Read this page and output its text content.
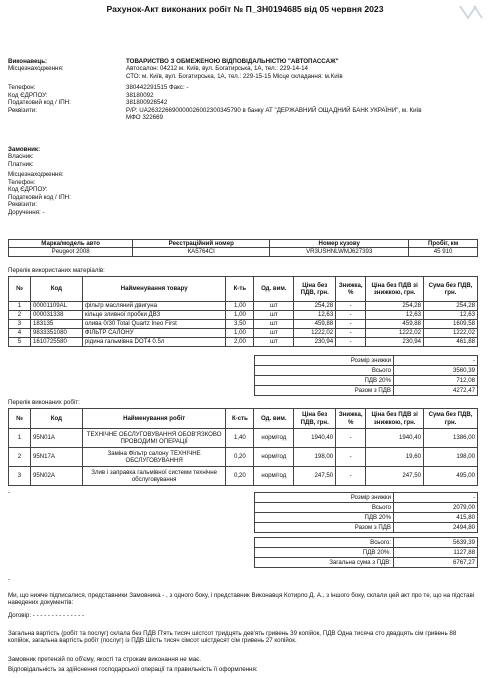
Рахунок-Акт виконаних робіт № П_ЗН0194685 від 05 червня 2023
Виконавець:	ТОВАРИСТВО З ОБМЕЖЕНОЮ ВІДПОВІДАЛЬНІСТЮ "АВТОПАССАЖ"
Місцезнаходження:	Автосалон: 04212 м. Київ, вул. Богатирська, 1А, тел.: 229-14-14
СТО: м. Київ, вул. Богатирська, 1А, тел.: 229-15-15 Місце складання: м.Київ
Телефон:	380442291515 Факс: -
Код ЄДРПОУ:	38180092
Податковий код / ІПН:	381800926542
Реквізити:	Р/Р: UA263226690000026002300345790 в банку АТ "ДЕРЖАВНИЙ ОЩАДНИЙ БАНК УКРАЇНИ", м. Київ
МФО 322669
Замовник:
Власник:
Платник:
Місцезнаходження:
Телефон:
Код ЄДРПОУ:
Податковий код / ІПН:
Реквізити:
Доручення: -
Марка/модель авто	Реєстраційний номер	Номер кузову	Пробіг, км
Peugeot 2008	КА5764СІ	VR3USHNLWMJ627393	45 910
Перелік використаних матеріалів:
№	Код	Найменування товару	К-ть	Од. вим.	Ціна без ПДВ, грн.	Знижка, %	Ціна без ПДВ зі знижкою, грн.	Сума без ПДВ, грн.
1	00001109AL	фільтр масляний двигуна	1,00	шт	254,28	-	254,28	254,28
2	000031338	кільце зливної пробки ДВЗ	1,00	шт	12,63	-	12,63	12,63
3	183135	олива 0/30 Total Quartz Ineo First	3,50	шт	459,88	-	459,88	1609,58
4	9833351080	ФІЛЬТР САЛОНУ	1,00	шт	1222,02	-	1222,02	1222,02
5	1610725580	рідина гальмівна DOT4 0.5л	2,00	шт	230,94	-	230,94	461,88
Розмір знижки	-
Всього	3560,39
ПДВ 20%	712,08
Разом з ПДВ	4272,47
Перелік виконаних робіт:
№	Код	Найменування робіт	К-сть	Од. вим.	Ціна без ПДВ, грн.	Знижка, %	Ціна без ПДВ зі знижкою, грн.	Сума без ПДВ, грн.
1	95N01A	ТЕХНІЧНЕ ОБСЛУГОВУВАННЯ ОБОВ'ЯЗКОВО ПРОВОДИМІ ОПЕРАЦІЇ	1,40	норм/год	1940,40	-	1940,40	1386,00
2	95N17A	Заміна Фільтр салону ТЕХНІЧНЕ ОБСЛУГОВУВАННЯ	0,20	норм/год	198,00	-	19,60	198,00
3	95N02A	Злив і заправка гальмівної системи технічне обслуговування	0,20	норм/год	247,50	-	247,50	495,00
-
Розмір знижки	-
Всього	2079,00
ПДВ 20%	415,80
Разом з ПДВ	2494,80
Всього:	5639,39
ПДВ 20%:	1127,88
Загальна сума з ПДВ:	6767,27
-
Ми, що нижче підписалися, представники Замовника - , з одного боку, і представник Виконавця Котирло Д. А., з іншого боку, склали цей акт про те, що на підставі наведених документів:
Договір: - - - - - - - - - - - - - -
Загальна вартість (робіт та послуг) склала без ПДВ П'ять тисяч шістсот тридцять дев'ять гривень 39 копійок, ПДВ Одна тисяча сто двадцять сім гривень 88 копійок, загальна вартість робіт (послуг) із ПДВ Шість тисяч сімсот шістдесят сім гривень 27 копійок.
Замовник претензій по об'єму, якості та строкам виконання не має.
Відповідальність за здійснення господарської операції та правильність її оформлення:
